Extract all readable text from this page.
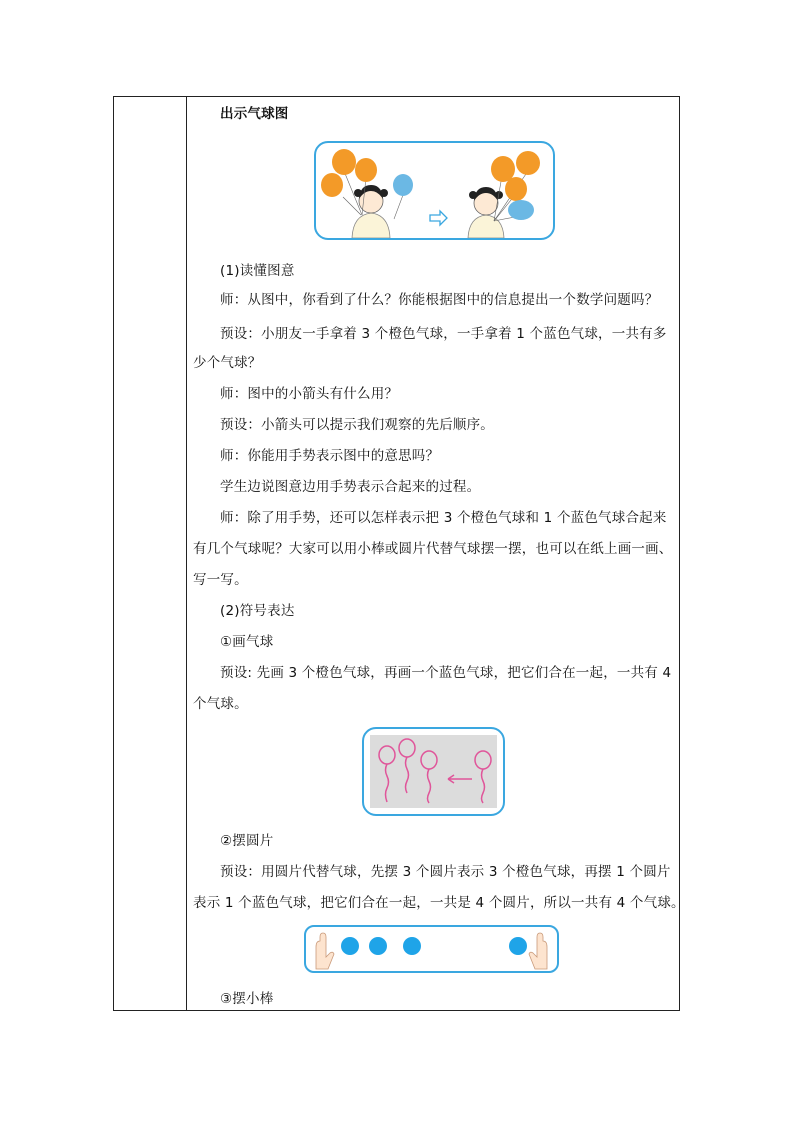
出示气球图
(1)读懂图意
师：从图中，你看到了什么？你能根据图中的信息提出一个数学问题吗？
预设：小朋友一手拿着 3 个橙色气球，一手拿着 1 个蓝色气球，一共有多
少个气球？
师：图中的小箭头有什么用？
预设：小箭头可以提示我们观察的先后顺序。
师：你能用手势表示图中的意思吗？
学生边说图意边用手势表示合起来的过程。
师：除了用手势，还可以怎样表示把 3 个橙色气球和 1 个蓝色气球合起来
有几个气球呢？大家可以用小棒或圆片代替气球摆一摆，也可以在纸上画一画、
写一写。
(2)符号表达
①画气球
预设: 先画 3 个橙色气球，再画一个蓝色气球，把它们合在一起，一共有 4
个气球。
②摆圆片
预设：用圆片代替气球，先摆 3 个圆片表示 3 个橙色气球，再摆 1 个圆片
表示 1 个蓝色气球，把它们合在一起，一共是 4 个圆片，所以一共有 4 个气球。
③摆小棒
